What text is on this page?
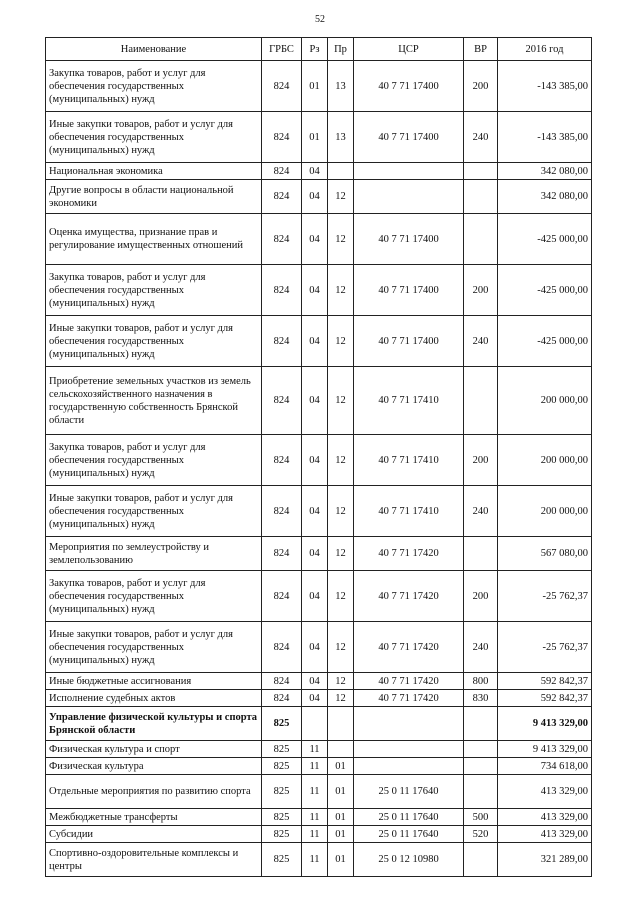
52
Наименование	ГРБС	Рз	Пр	ЦСР	ВР	2016 год
Закупка товаров, работ и услуг для обеспечения государственных (муниципальных) нужд	824	01	13	40 7 71 17400	200	-143 385,00
Иные закупки товаров, работ и услуг для обеспечения государственных (муниципальных) нужд	824	01	13	40 7 71 17400	240	-143 385,00
Национальная экономика	824	04				342 080,00
Другие вопросы в области национальной экономики	824	04	12			342 080,00
Оценка имущества, признание прав и регулирование имущественных отношений	824	04	12	40 7 71 17400		-425 000,00
Закупка товаров, работ и услуг для обеспечения государственных (муниципальных) нужд	824	04	12	40 7 71 17400	200	-425 000,00
Иные закупки товаров, работ и услуг для обеспечения государственных (муниципальных) нужд	824	04	12	40 7 71 17400	240	-425 000,00
Приобретение земельных участков из земель сельскохозяйственного назначения в государственную собственность Брянской области	824	04	12	40 7 71 17410		200 000,00
Закупка товаров, работ и услуг для обеспечения государственных (муниципальных) нужд	824	04	12	40 7 71 17410	200	200 000,00
Иные закупки товаров, работ и услуг для обеспечения государственных (муниципальных) нужд	824	04	12	40 7 71 17410	240	200 000,00
Мероприятия по землеустройству и землепользованию	824	04	12	40 7 71 17420		567 080,00
Закупка товаров, работ и услуг для обеспечения государственных (муниципальных) нужд	824	04	12	40 7 71 17420	200	-25 762,37
Иные закупки товаров, работ и услуг для обеспечения государственных (муниципальных) нужд	824	04	12	40 7 71 17420	240	-25 762,37
Иные бюджетные ассигнования	824	04	12	40 7 71 17420	800	592 842,37
Исполнение судебных актов	824	04	12	40 7 71 17420	830	592 842,37
Управление физической культуры и спорта Брянской области	825					9 413 329,00
Физическая культура и спорт	825	11				9 413 329,00
Физическая культура	825	11	01			734 618,00
Отдельные мероприятия по развитию спорта	825	11	01	25 0 11 17640		413 329,00
Межбюджетные трансферты	825	11	01	25 0 11 17640	500	413 329,00
Субсидии	825	11	01	25 0 11 17640	520	413 329,00
Спортивно-оздоровительные комплексы и центры	825	11	01	25 0 12 10980		321 289,00
